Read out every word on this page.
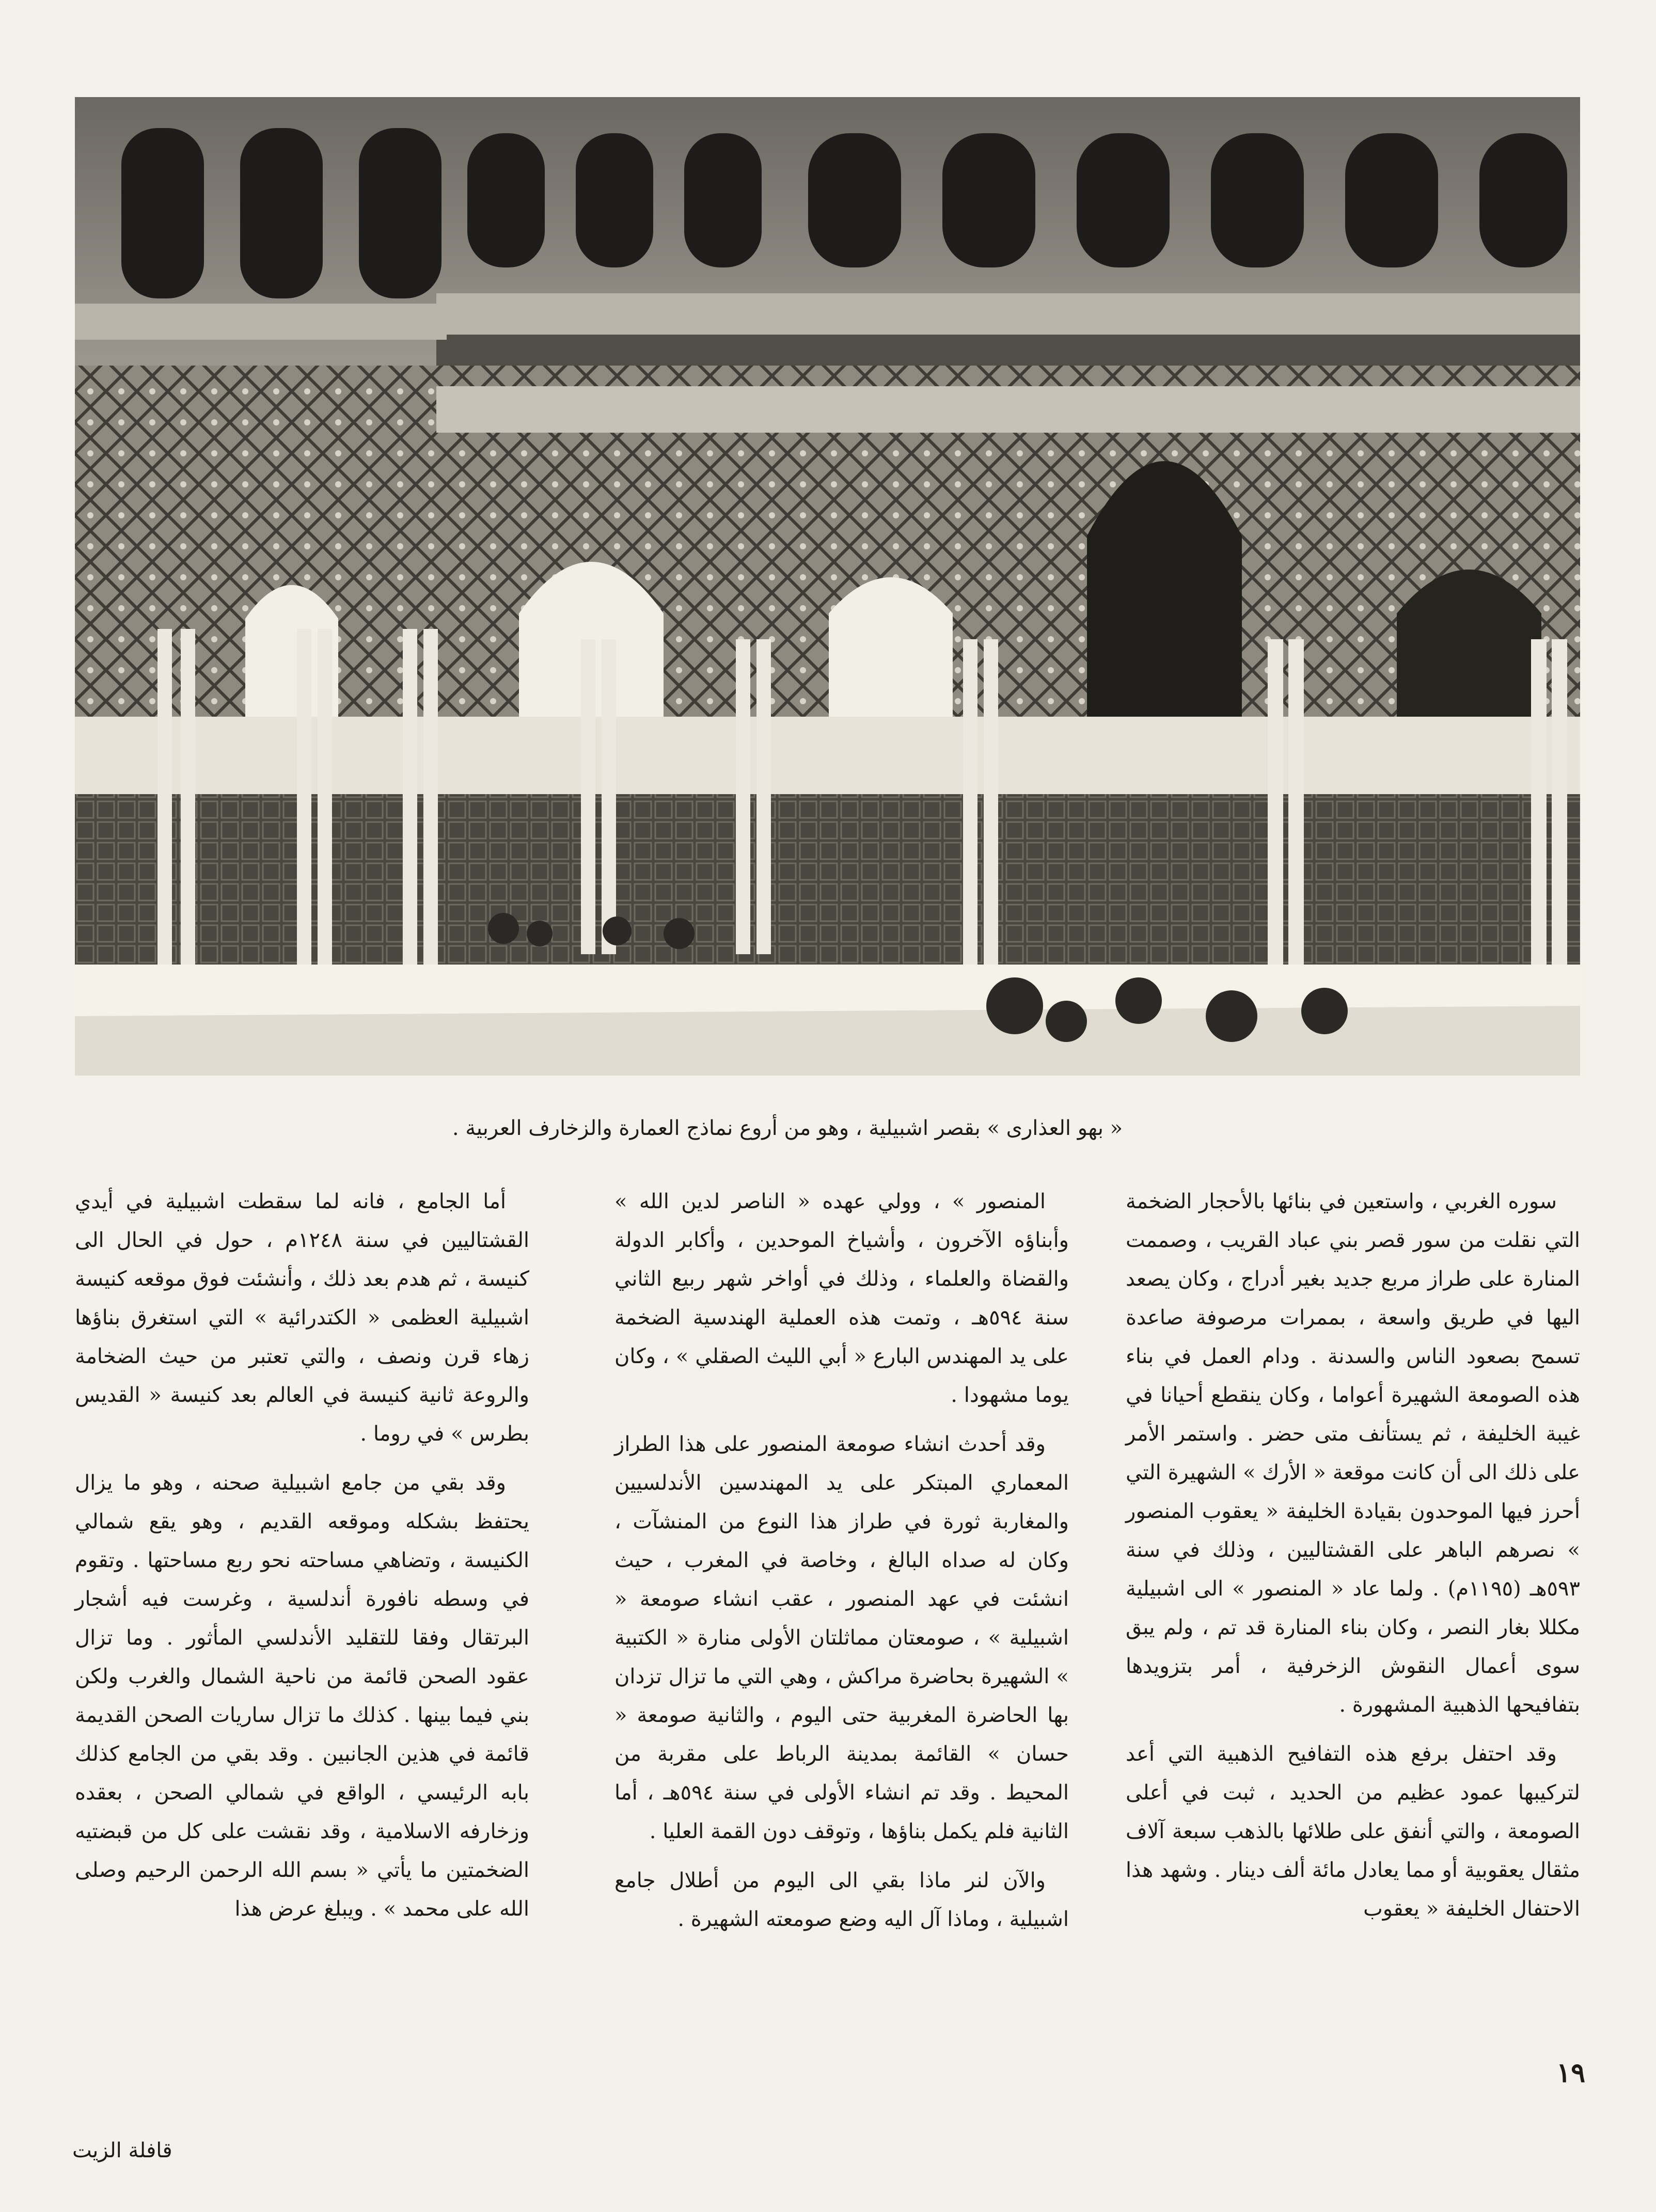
« بهو العذارى » بقصر اشبيلية ، وهو من أروع نماذج العمارة والزخارف العربية .

سوره الغربي ، واستعين في بنائها بالأحجار الضخمة التي نقلت من سور قصر بني عباد القريب ، وصممت المنارة على طراز مربع جديد بغير أدراج ، وكان يصعد اليها في طريق واسعة ، بممرات مرصوفة صاعدة تسمح بصعود الناس والسدنة . ودام العمل في بناء هذه الصومعة الشهيرة أعواما ، وكان ينقطع أحيانا في غيبة الخليفة ، ثم يستأنف متى حضر . واستمر الأمر على ذلك الى أن كانت موقعة « الأرك » الشهيرة التي أحرز فيها الموحدون بقيادة الخليفة « يعقوب المنصور » نصرهم الباهر على القشتاليين ، وذلك في سنة ٥٩٣هـ (١١٩٥م) . ولما عاد « المنصور » الى اشبيلية مكللا بغار النصر ، وكان بناء المنارة قد تم ، ولم يبق سوى أعمال النقوش الزخرفية ، أمر بتزويدها بتفافيحها الذهبية المشهورة .

وقد احتفل برفع هذه التفافيح الذهبية التي أعد لتركيبها عمود عظيم من الحديد ، ثبت في أعلى الصومعة ، والتي أنفق على طلائها بالذهب سبعة آلاف مثقال يعقوبية أو مما يعادل مائة ألف دينار . وشهد هذا الاحتفال الخليفة « يعقوب

المنصور » ، وولي عهده « الناصر لدين الله » وأبناؤه الآخرون ، وأشياخ الموحدين ، وأكابر الدولة والقضاة والعلماء ، وذلك في أواخر شهر ربيع الثاني سنة ٥٩٤هـ ، وتمت هذه العملية الهندسية الضخمة على يد المهندس البارع « أبي الليث الصقلي » ، وكان يوما مشهودا .

وقد أحدث انشاء صومعة المنصور على هذا الطراز المعماري المبتكر على يد المهندسين الأندلسيين والمغاربة ثورة في طراز هذا النوع من المنشآت ، وكان له صداه البالغ ، وخاصة في المغرب ، حيث انشئت في عهد المنصور ، عقب انشاء صومعة « اشبيلية » ، صومعتان مماثلتان الأولى منارة « الكتبية » الشهيرة بحاضرة مراكش ، وهي التي ما تزال تزدان بها الحاضرة المغربية حتى اليوم ، والثانية صومعة « حسان » القائمة بمدينة الرباط على مقربة من المحيط . وقد تم انشاء الأولى في سنة ٥٩٤هـ ، أما الثانية فلم يكمل بناؤها ، وتوقف دون القمة العليا .

والآن لنر ماذا بقي الى اليوم من أطلال جامع اشبيلية ، وماذا آل اليه وضع صومعته الشهيرة .

أما الجامع ، فانه لما سقطت اشبيلية في أيدي القشتاليين في سنة ١٢٤٨م ، حول في الحال الى كنيسة ، ثم هدم بعد ذلك ، وأنشئت فوق موقعه كنيسة اشبيلية العظمى « الكتدرائية » التي استغرق بناؤها زهاء قرن ونصف ، والتي تعتبر من حيث الضخامة والروعة ثانية كنيسة في العالم بعد كنيسة « القديس بطرس » في روما .

وقد بقي من جامع اشبيلية صحنه ، وهو ما يزال يحتفظ بشكله وموقعه القديم ، وهو يقع شمالي الكنيسة ، وتضاهي مساحته نحو ربع مساحتها . وتقوم في وسطه نافورة أندلسية ، وغرست فيه أشجار البرتقال وفقا للتقليد الأندلسي المأثور . وما تزال عقود الصحن قائمة من ناحية الشمال والغرب ولكن بني فيما بينها . كذلك ما تزال ساريات الصحن القديمة قائمة في هذين الجانبين . وقد بقي من الجامع كذلك بابه الرئيسي ، الواقع في شمالي الصحن ، بعقده وزخارفه الاسلامية ، وقد نقشت على كل من قبضتيه الضخمتين ما يأتي « بسم الله الرحمن الرحيم وصلى الله على محمد » . ويبلغ عرض هذا

١٩
قافلة الزيت
